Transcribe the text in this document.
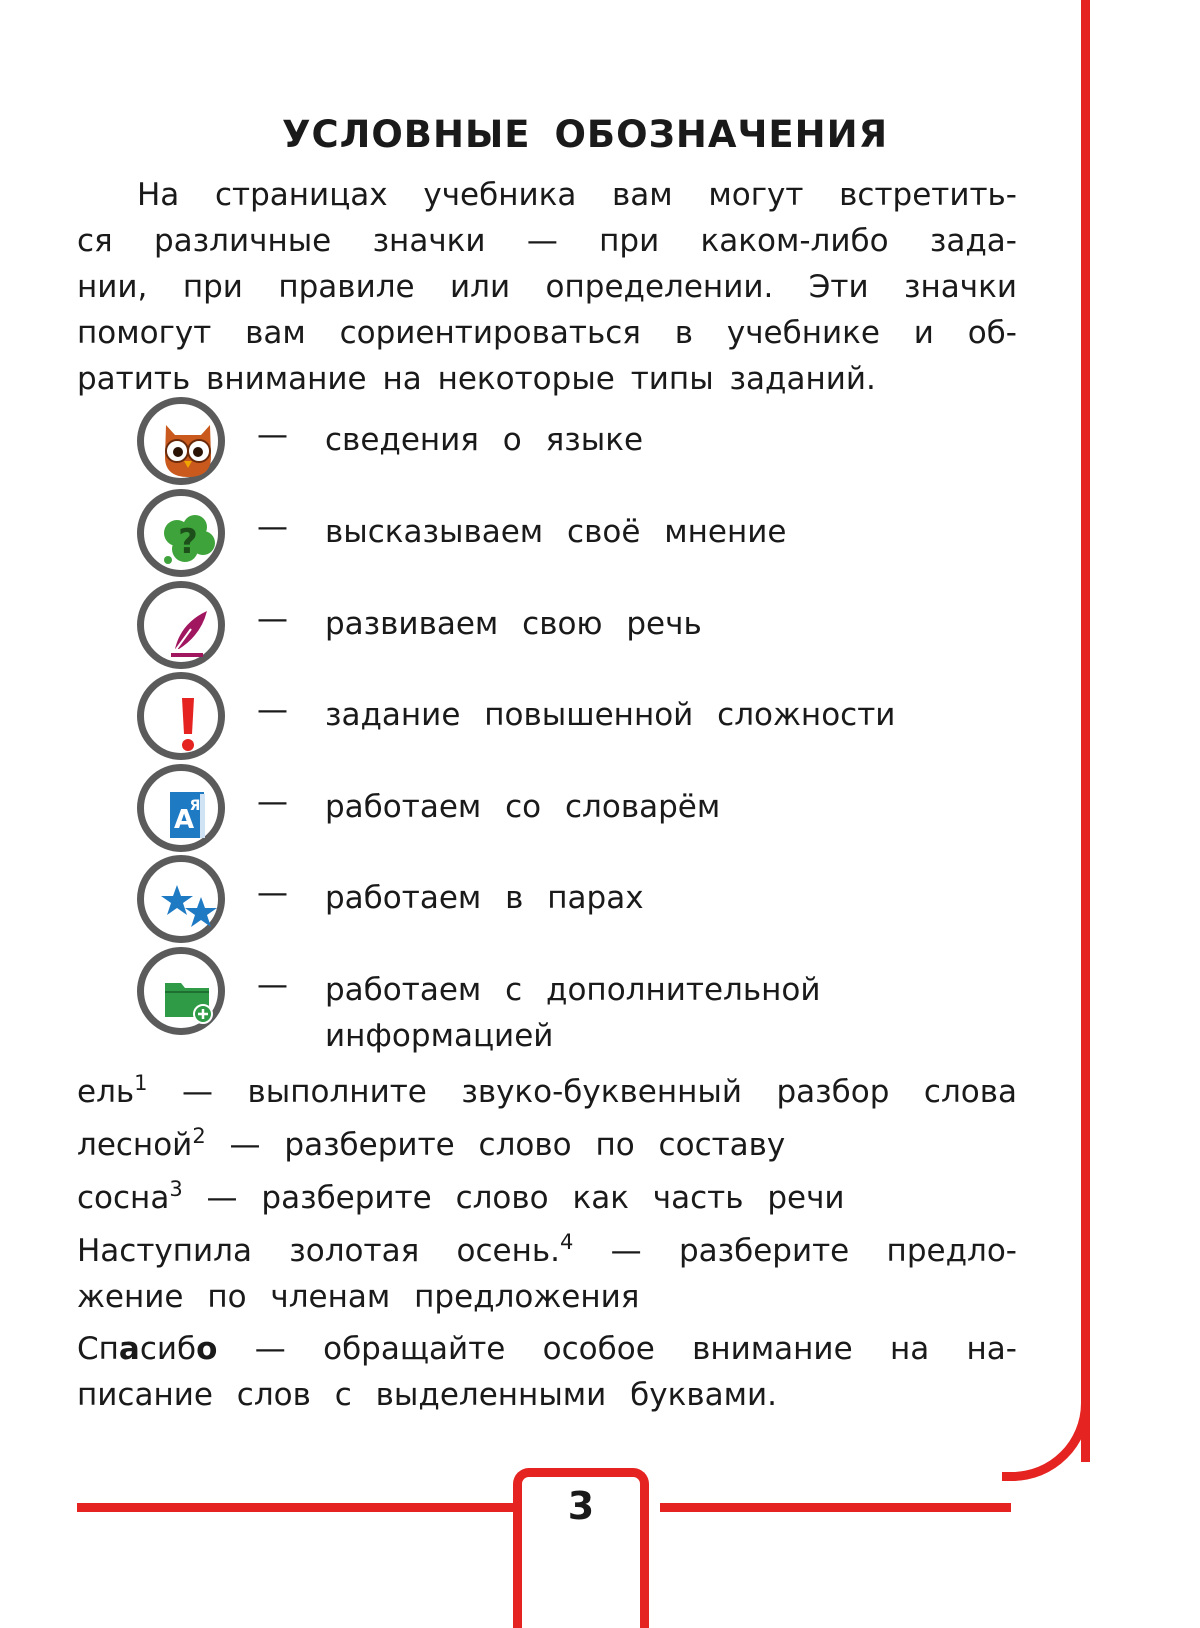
3
УСЛОВНЫЕ ОБОЗНАЧЕНИЯ
На страницах учебника вам могут встретить-
ся различные значки — при каком-либо зада-
нии, при правиле или определении. Эти значки
помогут вам сориентироваться в учебнике и об-
ратить внимание на некоторые типы заданий.
— сведения о языке
? — высказываем своё мнение
— развиваем свою речь
— задание повышенной сложности
A
Я — работаем со словарём
— работаем в парах
— работаем с дополнительной
информацией
ель$^1$ — выполните звуко-буквенный разбор слова
лесной$^2$ — разберите слово по составу
сосна$^3$ — разберите слово как часть речи
Наступила золотая осень.$^4$ — разберите предло-
жение по членам предложения
Спасибо — обращайте особое внимание на на-
писание слов с выделенными буквами.
